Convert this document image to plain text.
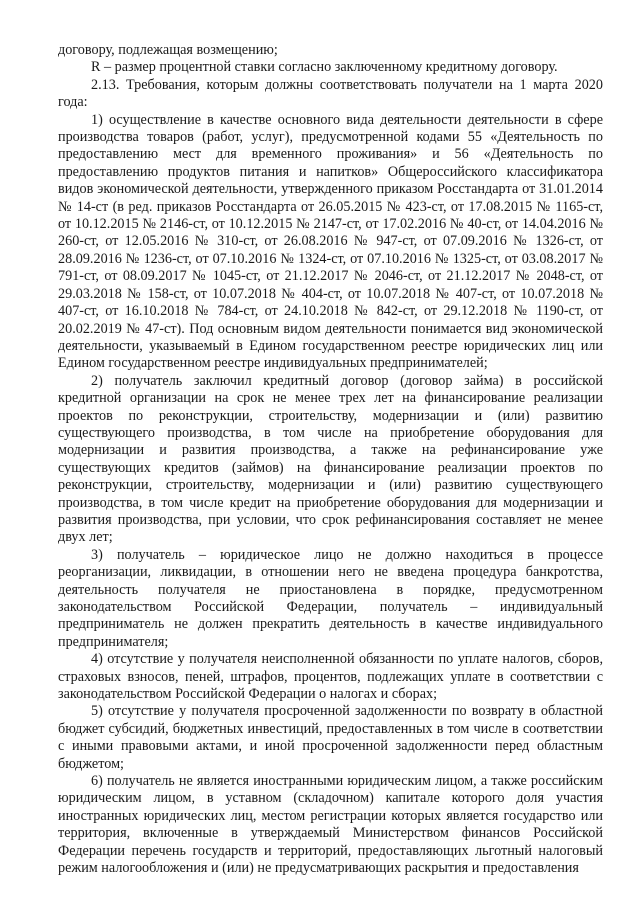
договору, подлежащая возмещению;

R – размер процентной ставки согласно заключенному кредитному договору.

2.13. Требования, которым должны соответствовать получатели на 1 марта 2020 года:

1) осуществление в качестве основного вида деятельности деятельности в сфере производства товаров (работ, услуг), предусмотренной кодами 55 «Деятельность по предоставлению мест для временного проживания» и 56 «Деятельность по предоставлению продуктов питания и напитков» Общероссийского классификатора видов экономической деятельности, утвержденного приказом Росстандарта от 31.01.2014 № 14-ст (в ред. приказов Росстандарта от 26.05.2015 № 423-ст, от 17.08.2015 № 1165-ст, от 10.12.2015 № 2146-ст, от 10.12.2015 № 2147-ст, от 17.02.2016 № 40-ст, от 14.04.2016 № 260-ст, от 12.05.2016 № 310-ст, от 26.08.2016 № 947-ст, от 07.09.2016 № 1326-ст, от 28.09.2016 № 1236-ст, от 07.10.2016 № 1324-ст, от 07.10.2016 № 1325-ст, от 03.08.2017 № 791-ст, от 08.09.2017 № 1045-ст, от 21.12.2017 № 2046-ст, от 21.12.2017 № 2048-ст, от 29.03.2018 № 158-ст, от 10.07.2018 № 404-ст, от 10.07.2018 № 407-ст, от 10.07.2018 № 407-ст, от 16.10.2018 № 784-ст, от 24.10.2018 № 842-ст, от 29.12.2018 № 1190-ст, от 20.02.2019 № 47-ст). Под основным видом деятельности понимается вид экономической деятельности, указываемый в Едином государственном реестре юридических лиц или Едином государственном реестре индивидуальных предпринимателей;

2) получатель заключил кредитный договор (договор займа) в российской кредитной организации на срок не менее трех лет на финансирование реализации проектов по реконструкции, строительству, модернизации и (или) развитию существующего производства, в том числе на приобретение оборудования для модернизации и развития производства, а также на рефинансирование уже существующих кредитов (займов) на финансирование реализации проектов по реконструкции, строительству, модернизации и (или) развитию существующего производства, в том числе кредит на приобретение оборудования для модернизации и развития производства, при условии, что срок рефинансирования составляет не менее двух лет;

3) получатель – юридическое лицо не должно находиться в процессе реорганизации, ликвидации, в отношении него не введена процедура банкротства, деятельность получателя не приостановлена в порядке, предусмотренном законодательством Российской Федерации, получатель – индивидуальный предприниматель не должен прекратить деятельность в качестве индивидуального предпринимателя;

4) отсутствие у получателя неисполненной обязанности по уплате налогов, сборов, страховых взносов, пеней, штрафов, процентов, подлежащих уплате в соответствии с законодательством Российской Федерации о налогах и сборах;

5) отсутствие у получателя просроченной задолженности по возврату в областной бюджет субсидий, бюджетных инвестиций, предоставленных в том числе в соответствии с иными правовыми актами, и иной просроченной задолженности перед областным бюджетом;

6) получатель не является иностранными юридическим лицом, а также российским юридическим лицом, в уставном (складочном) капитале которого доля участия иностранных юридических лиц, местом регистрации которых является государство или территория, включенные в утверждаемый Министерством финансов Российской Федерации перечень государств и территорий, предоставляющих льготный налоговый режим налогообложения и (или) не предусматривающих раскрытия и предоставления
